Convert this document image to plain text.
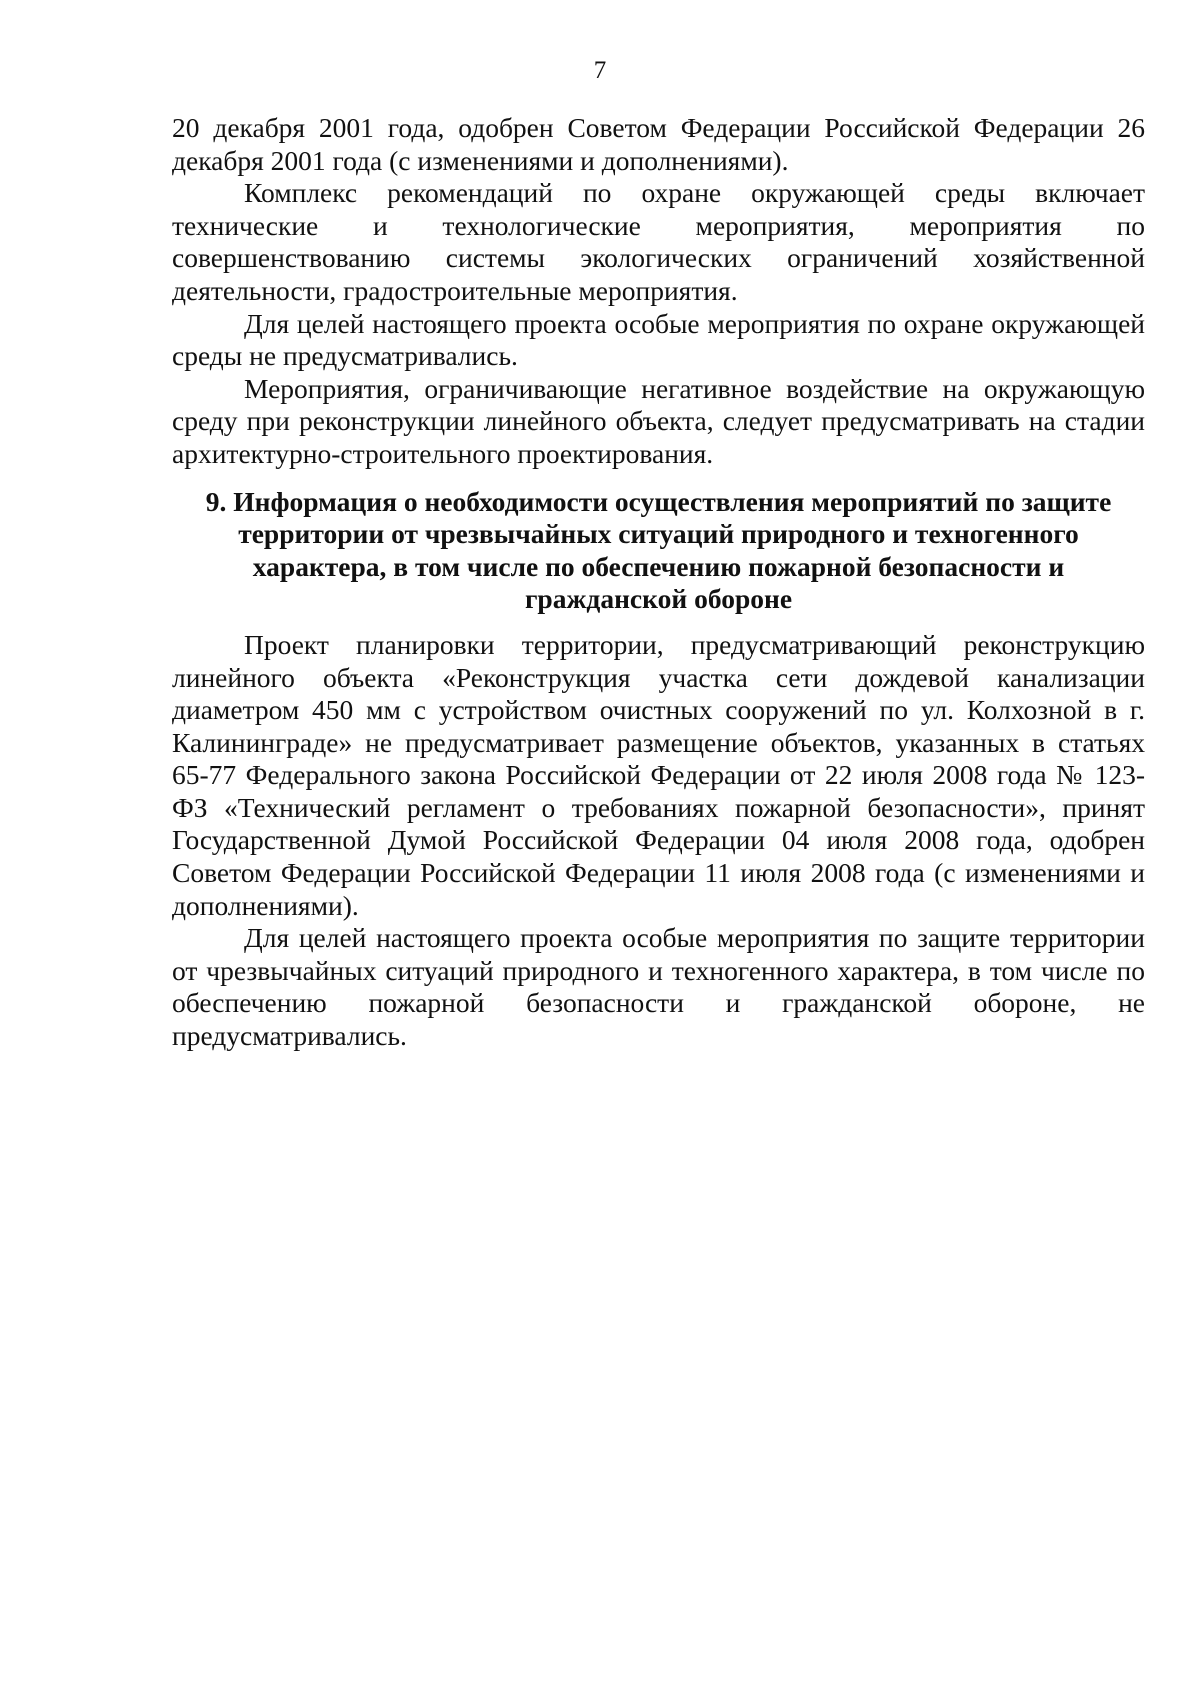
7

20 декабря 2001 года, одобрен Советом Федерации Российской Федерации 26 декабря 2001 года (с изменениями и дополнениями).

Комплекс рекомендаций по охране окружающей среды включает технические и технологические мероприятия, мероприятия по совершенствованию системы экологических ограничений хозяйственной деятельности, градостроительные мероприятия.

Для целей настоящего проекта особые мероприятия по охране окружающей среды не предусматривались.

Мероприятия, ограничивающие негативное воздействие на окружающую среду при реконструкции линейного объекта, следует предусматривать на стадии архитектурно-строительного проектирования.

9. Информация о необходимости осуществления мероприятий по защите территории от чрезвычайных ситуаций природного и техногенного характера, в том числе по обеспечению пожарной безопасности и гражданской обороне

Проект планировки территории, предусматривающий реконструкцию линейного объекта «Реконструкция участка сети дождевой канализации диаметром 450 мм с устройством очистных сооружений по ул. Колхозной в г. Калининграде» не предусматривает размещение объектов, указанных в статьях 65-77 Федерального закона Российской Федерации от 22 июля 2008 года № 123-ФЗ «Технический регламент о требованиях пожарной безопасности», принят Государственной Думой Российской Федерации 04 июля 2008 года, одобрен Советом Федерации Российской Федерации 11 июля 2008 года (с изменениями и дополнениями).

Для целей настоящего проекта особые мероприятия по защите территории от чрезвычайных ситуаций природного и техногенного характера, в том числе по обеспечению пожарной безопасности и гражданской обороне, не предусматривались.
